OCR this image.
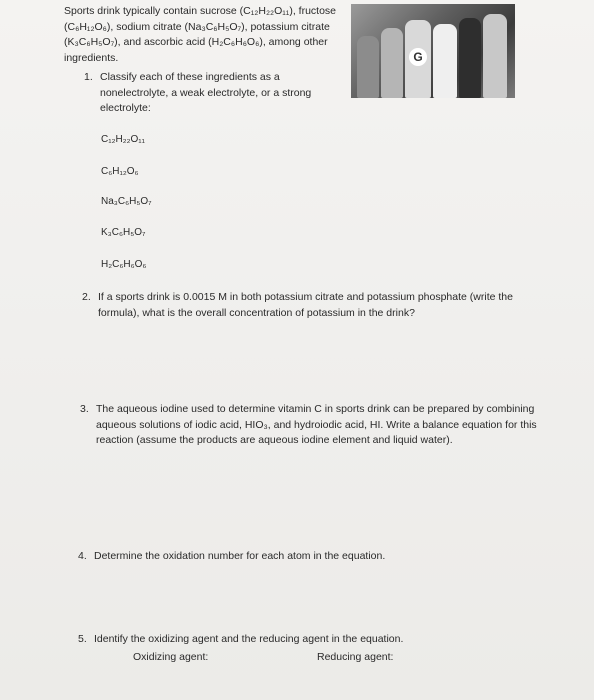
Sports drink typically contain sucrose (C₁₂H₂₂O₁₁), fructose (C₆H₁₂O₆), sodium citrate (Na₃C₆H₅O₇), potassium citrate (K₃C₆H₅O₇), and ascorbic acid (H₂C₆H₆O₆), among other ingredients.	G
1. Classify each of these ingredients as a nonelectrolyte, a weak electrolyte, or a strong electrolyte:
C₁₂H₂₂O₁₁
C₆H₁₂O₆
Na₃C₆H₅O₇
K₃C₆H₅O₇
H₂C₆H₆O₆
2. If a sports drink is 0.0015 M in both potassium citrate and potassium phosphate (write the formula), what is the overall concentration of potassium in the drink?
3. The aqueous iodine used to determine vitamin C in sports drink can be prepared by combining aqueous solutions of iodic acid, HIO₃, and hydroiodic acid, HI. Write a balance equation for this reaction (assume the products are aqueous iodine element and liquid water).
4. Determine the oxidation number for each atom in the equation.
5. Identify the oxidizing agent and the reducing agent in the equation.
Oxidizing agent:	Reducing agent:
